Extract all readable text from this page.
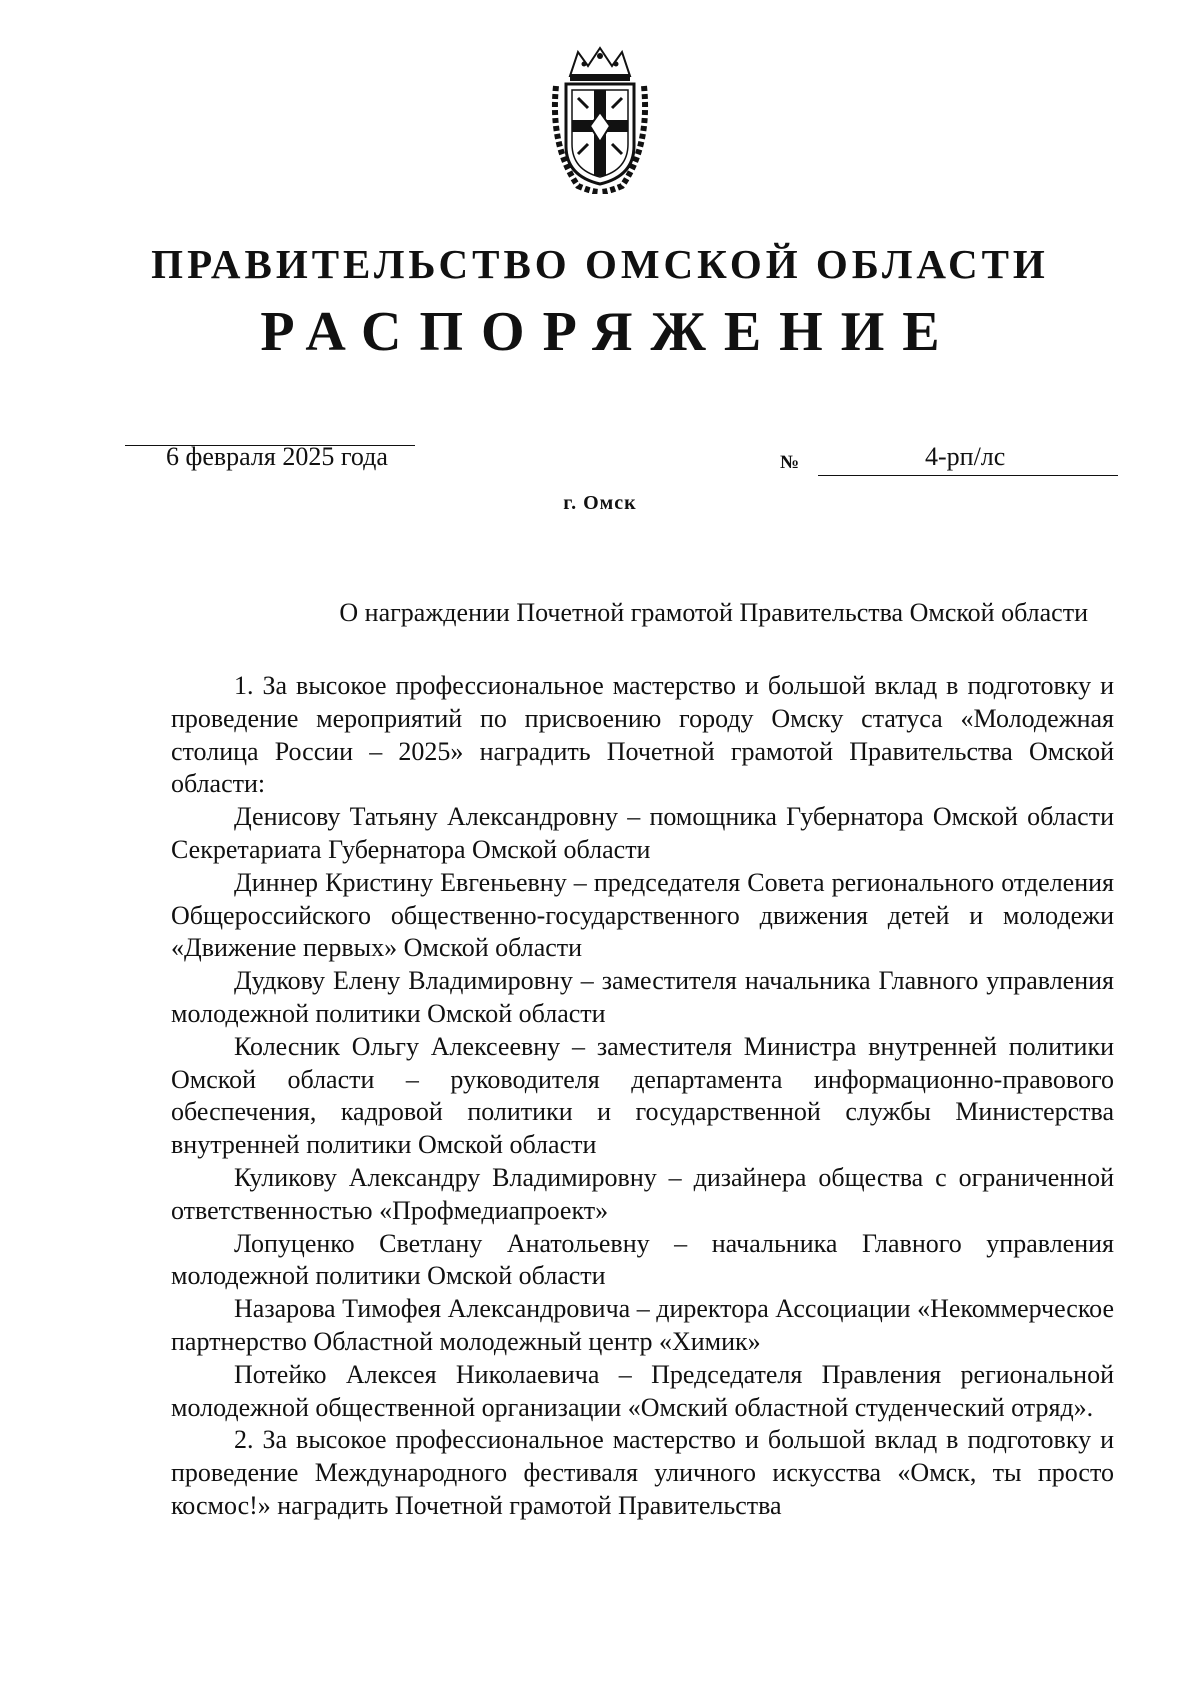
ПРАВИТЕЛЬСТВО ОМСКОЙ ОБЛАСТИ
РАСПОРЯЖЕНИЕ
6 февраля 2025 года	№	4-рп/лс
г. Омск
О награждении Почетной грамотой Правительства Омской области

1. За высокое профессиональное мастерство и большой вклад в подготовку и проведение мероприятий по присвоению городу Омску статуса «Молодежная столица России – 2025» наградить Почетной грамотой Правительства Омской области:

Денисову Татьяну Александровну – помощника Губернатора Омской области Секретариата Губернатора Омской области

Диннер Кристину Евгеньевну – председателя Совета регионального отделения Общероссийского общественно-государственного движения детей и молодежи «Движение первых» Омской области

Дудкову Елену Владимировну – заместителя начальника Главного управления молодежной политики Омской области

Колесник Ольгу Алексеевну – заместителя Министра внутренней политики Омской области – руководителя департамента информационно-правового обеспечения, кадровой политики и государственной службы Министерства внутренней политики Омской области

Куликову Александру Владимировну – дизайнера общества с ограниченной ответственностью «Профмедиапроект»

Лопуценко Светлану Анатольевну – начальника Главного управления молодежной политики Омской области

Назарова Тимофея Александровича – директора Ассоциации «Некоммерческое партнерство Областной молодежный центр «Химик»

Потейко Алексея Николаевича – Председателя Правления региональной молодежной общественной организации «Омский областной студенческий отряд».

2. За высокое профессиональное мастерство и большой вклад в подготовку и проведение Международного фестиваля уличного искусства «Омск, ты просто космос!» наградить Почетной грамотой Правительства
